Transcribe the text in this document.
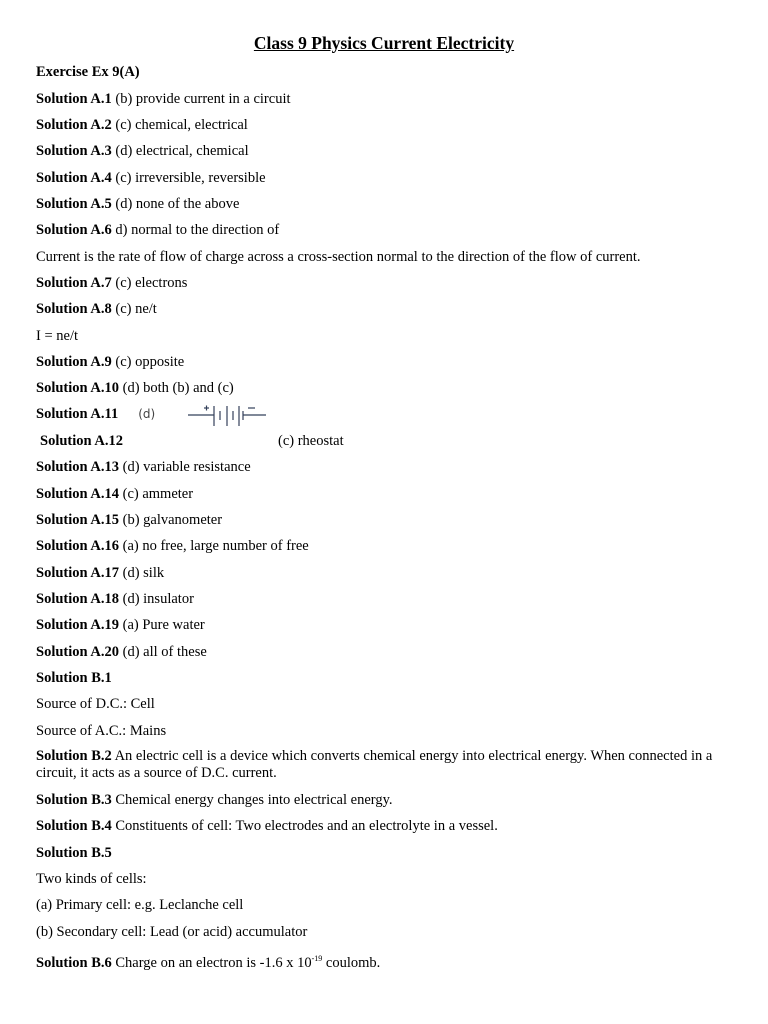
Class 9 Physics Current Electricity
Exercise Ex 9(A)
Solution A.1 (b) provide current in a circuit
Solution A.2 (c) chemical, electrical
Solution A.3 (d) electrical, chemical
Solution A.4 (c) irreversible, reversible
Solution A.5 (d) none of the above
Solution A.6 d) normal to the direction of
Current is the rate of flow of charge across a cross-section normal to the direction of the flow of current.
Solution A.7 (c) electrons
Solution A.8 (c) ne/t
I = ne/t
Solution A.9 (c) opposite
Solution A.10 (d) both (b) and (c)
Solution A.11 (d)
Solution A.12	(c) rheostat
Solution A.13 (d) variable resistance
Solution A.14 (c) ammeter
Solution A.15 (b) galvanometer
Solution A.16 (a) no free, large number of free
Solution A.17 (d) silk
Solution A.18 (d) insulator
Solution A.19 (a) Pure water
Solution A.20 (d) all of these
Solution B.1
Source of D.C.: Cell
Source of A.C.: Mains
Solution B.2 An electric cell is a device which converts chemical energy into electrical energy. When connected in a circuit, it acts as a source of D.C. current.
Solution B.3 Chemical energy changes into electrical energy.
Solution B.4 Constituents of cell: Two electrodes and an electrolyte in a vessel.
Solution B.5
Two kinds of cells:
(a) Primary cell: e.g. Leclanche cell
(b) Secondary cell: Lead (or acid) accumulator
Solution B.6 Charge on an electron is -1.6 x $10^{-19}$ coulomb.
